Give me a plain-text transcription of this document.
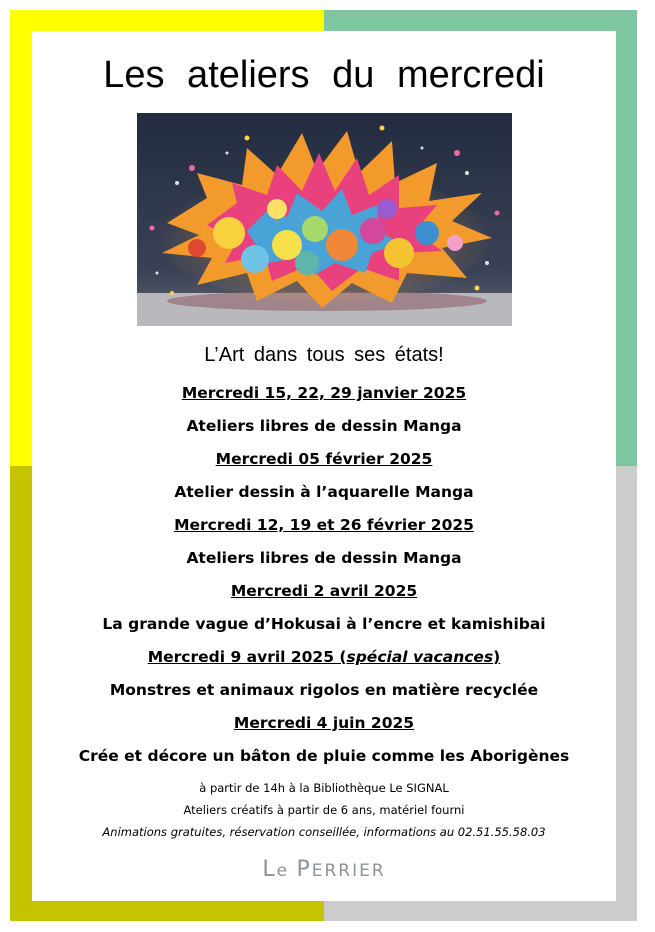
Les ateliers du mercredi

L’Art dans tous ses états!

Mercredi 15, 22, 29 janvier 2025

Ateliers libres de dessin Manga

Mercredi 05 février 2025

Atelier dessin à l’aquarelle Manga

Mercredi 12, 19 et 26 février 2025

Ateliers libres de dessin Manga

Mercredi 2 avril 2025

La grande vague d’Hokusai à l’encre et kamishibai

Mercredi 9 avril 2025 (spécial vacances)

Monstres et animaux rigolos en matière recyclée

Mercredi 4 juin 2025

Crée et décore un bâton de pluie comme les Aborigènes

à partir de 14h à la Bibliothèque Le SIGNAL

Ateliers créatifs à partir de 6 ans, matériel fourni

Animations gratuites, réservation conseillée, informations au 02.51.55.58.03

Le PERRIER
